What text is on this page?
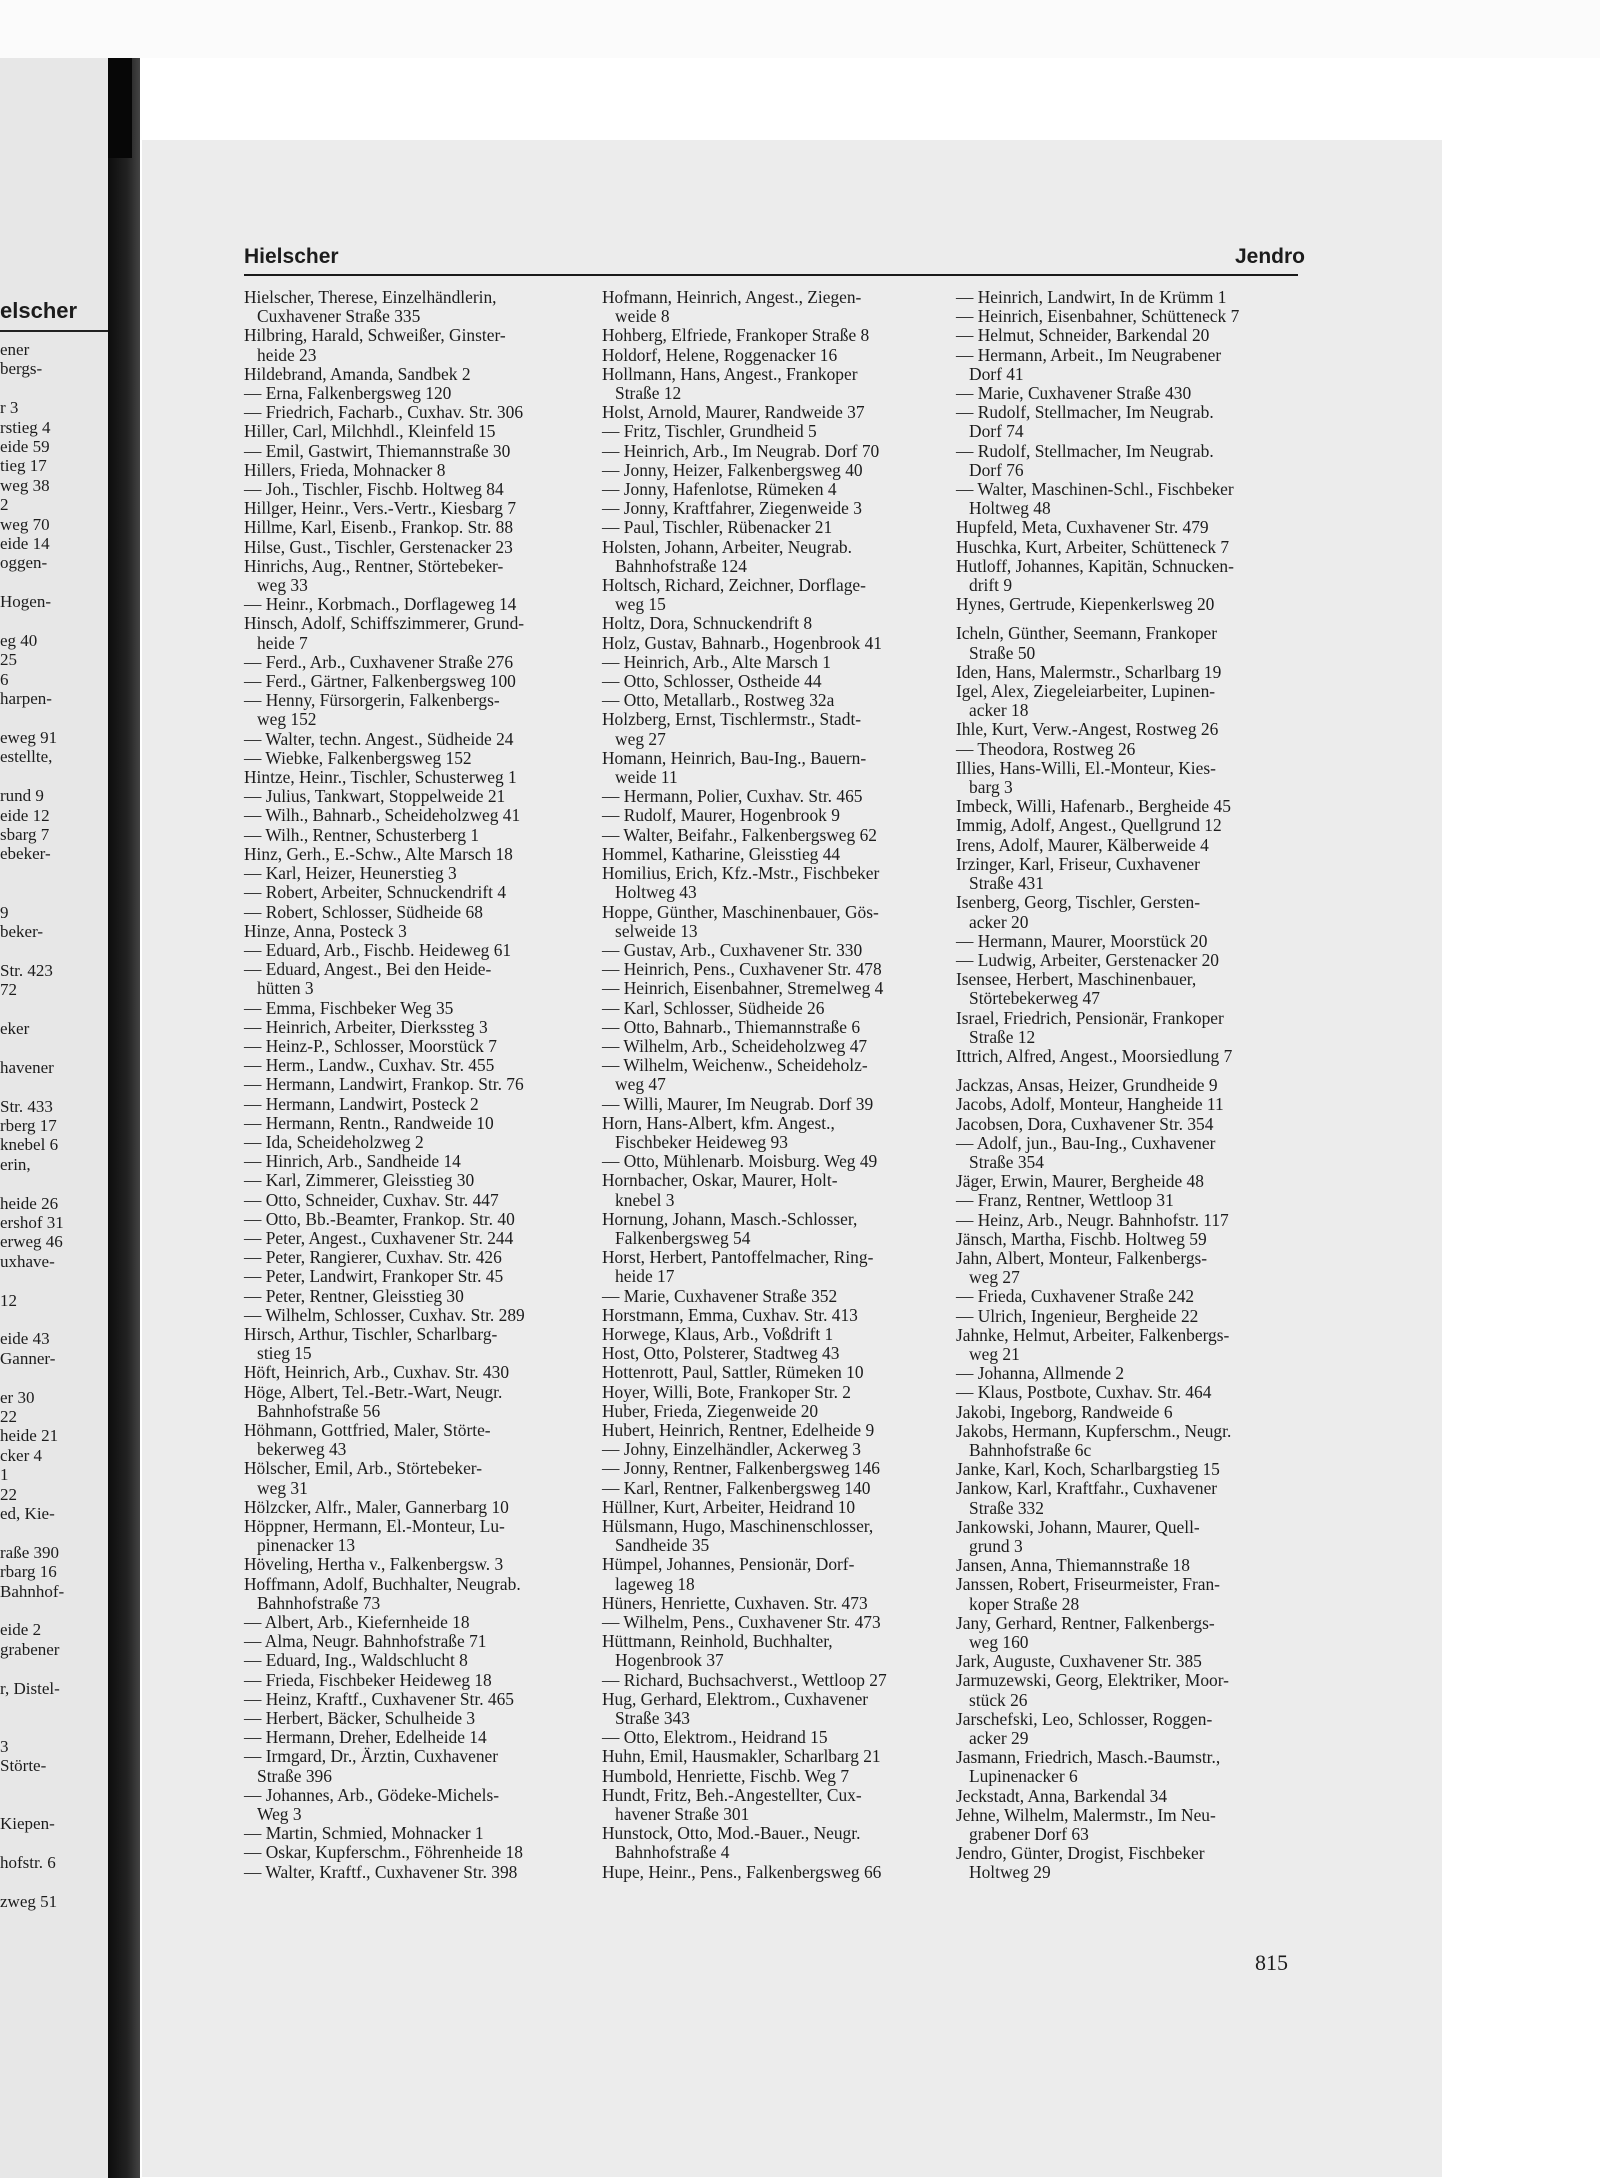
elscher
ener
bergs-
r 3
rstieg 4
eide 59
tieg 17
weg 38
2
weg 70
eide 14
oggen-
Hogen-
eg 40
25
6
harpen-
eweg 91
estellte,
rund 9
eide 12
sbarg 7
ebeker-
9
beker-
Str. 423
72
eker
havener
Str. 433
rberg 17
knebel 6
erin,
heide 26
ershof 31
erweg 46
uxhave-
12
eide 43
Ganner-
er 30
22
heide 21
cker 4
1
22
ed, Kie-
raße 390
rbarg 16
Bahnhof-
eide 2
grabener
r, Distel-
3
Störte-
Kiepen-
hofstr. 6
zweg 51
Hielscher	Jendro

Hielscher, Therese, Einzelhändlerin,

Cuxhavener Straße 335

Hilbring, Harald, Schweißer, Ginster-

heide 23

Hildebrand, Amanda, Sandbek 2

— Erna, Falkenbergsweg 120

— Friedrich, Facharb., Cuxhav. Str. 306

Hiller, Carl, Milchhdl., Kleinfeld 15

— Emil, Gastwirt, Thiemannstraße 30

Hillers, Frieda, Mohnacker 8

— Joh., Tischler, Fischb. Holtweg 84

Hillger, Heinr., Vers.-Vertr., Kiesbarg 7

Hillme, Karl, Eisenb., Frankop. Str. 88

Hilse, Gust., Tischler, Gerstenacker 23

Hinrichs, Aug., Rentner, Störtebeker-

weg 33

— Heinr., Korbmach., Dorflageweg 14

Hinsch, Adolf, Schiffszimmerer, Grund-

heide 7

— Ferd., Arb., Cuxhavener Straße 276

— Ferd., Gärtner, Falkenbergsweg 100

— Henny, Fürsorgerin, Falkenbergs-

weg 152

— Walter, techn. Angest., Südheide 24

— Wiebke, Falkenbergsweg 152

Hintze, Heinr., Tischler, Schusterweg 1

— Julius, Tankwart, Stoppelweide 21

— Wilh., Bahnarb., Scheideholzweg 41

— Wilh., Rentner, Schusterberg 1

Hinz, Gerh., E.-Schw., Alte Marsch 18

— Karl, Heizer, Heunerstieg 3

— Robert, Arbeiter, Schnuckendrift 4

— Robert, Schlosser, Südheide 68

Hinze, Anna, Posteck 3

— Eduard, Arb., Fischb. Heideweg 61

— Eduard, Angest., Bei den Heide-

hütten 3

— Emma, Fischbeker Weg 35

— Heinrich, Arbeiter, Dierkssteg 3

— Heinz-P., Schlosser, Moorstück 7

— Herm., Landw., Cuxhav. Str. 455

— Hermann, Landwirt, Frankop. Str. 76

— Hermann, Landwirt, Posteck 2

— Hermann, Rentn., Randweide 10

— Ida, Scheideholzweg 2

— Hinrich, Arb., Sandheide 14

— Karl, Zimmerer, Gleisstieg 30

— Otto, Schneider, Cuxhav. Str. 447

— Otto, Bb.-Beamter, Frankop. Str. 40

— Peter, Angest., Cuxhavener Str. 244

— Peter, Rangierer, Cuxhav. Str. 426

— Peter, Landwirt, Frankoper Str. 45

— Peter, Rentner, Gleisstieg 30

— Wilhelm, Schlosser, Cuxhav. Str. 289

Hirsch, Arthur, Tischler, Scharlbarg-

stieg 15

Höft, Heinrich, Arb., Cuxhav. Str. 430

Höge, Albert, Tel.-Betr.-Wart, Neugr.

Bahnhofstraße 56

Höhmann, Gottfried, Maler, Störte-

bekerweg 43

Hölscher, Emil, Arb., Störtebeker-

weg 31

Hölzcker, Alfr., Maler, Gannerbarg 10

Höppner, Hermann, El.-Monteur, Lu-

pinenacker 13

Höveling, Hertha v., Falkenbergsw. 3

Hoffmann, Adolf, Buchhalter, Neugrab.

Bahnhofstraße 73

— Albert, Arb., Kiefernheide 18

— Alma, Neugr. Bahnhofstraße 71

— Eduard, Ing., Waldschlucht 8

— Frieda, Fischbeker Heideweg 18

— Heinz, Kraftf., Cuxhavener Str. 465

— Herbert, Bäcker, Schulheide 3

— Hermann, Dreher, Edelheide 14

— Irmgard, Dr., Ärztin, Cuxhavener

Straße 396

— Johannes, Arb., Gödeke-Michels-

Weg 3

— Martin, Schmied, Mohnacker 1

— Oskar, Kupferschm., Föhrenheide 18

— Walter, Kraftf., Cuxhavener Str. 398

Hofmann, Heinrich, Angest., Ziegen-

weide 8

Hohberg, Elfriede, Frankoper Straße 8

Holdorf, Helene, Roggenacker 16

Hollmann, Hans, Angest., Frankoper

Straße 12

Holst, Arnold, Maurer, Randweide 37

— Fritz, Tischler, Grundheid 5

— Heinrich, Arb., Im Neugrab. Dorf 70

— Jonny, Heizer, Falkenbergsweg 40

— Jonny, Hafenlotse, Rümeken 4

— Jonny, Kraftfahrer, Ziegenweide 3

— Paul, Tischler, Rübenacker 21

Holsten, Johann, Arbeiter, Neugrab.

Bahnhofstraße 124

Holtsch, Richard, Zeichner, Dorflage-

weg 15

Holtz, Dora, Schnuckendrift 8

Holz, Gustav, Bahnarb., Hogenbrook 41

— Heinrich, Arb., Alte Marsch 1

— Otto, Schlosser, Ostheide 44

— Otto, Metallarb., Rostweg 32a

Holzberg, Ernst, Tischlermstr., Stadt-

weg 27

Homann, Heinrich, Bau-Ing., Bauern-

weide 11

— Hermann, Polier, Cuxhav. Str. 465

— Rudolf, Maurer, Hogenbrook 9

— Walter, Beifahr., Falkenbergsweg 62

Hommel, Katharine, Gleisstieg 44

Homilius, Erich, Kfz.-Mstr., Fischbeker

Holtweg 43

Hoppe, Günther, Maschinenbauer, Gös-

selweide 13

— Gustav, Arb., Cuxhavener Str. 330

— Heinrich, Pens., Cuxhavener Str. 478

— Heinrich, Eisenbahner, Stremelweg 4

— Karl, Schlosser, Südheide 26

— Otto, Bahnarb., Thiemannstraße 6

— Wilhelm, Arb., Scheideholzweg 47

— Wilhelm, Weichenw., Scheideholz-

weg 47

— Willi, Maurer, Im Neugrab. Dorf 39

Horn, Hans-Albert, kfm. Angest.,

Fischbeker Heideweg 93

— Otto, Mühlenarb. Moisburg. Weg 49

Hornbacher, Oskar, Maurer, Holt-

knebel 3

Hornung, Johann, Masch.-Schlosser,

Falkenbergsweg 54

Horst, Herbert, Pantoffelmacher, Ring-

heide 17

— Marie, Cuxhavener Straße 352

Horstmann, Emma, Cuxhav. Str. 413

Horwege, Klaus, Arb., Voßdrift 1

Host, Otto, Polsterer, Stadtweg 43

Hottenrott, Paul, Sattler, Rümeken 10

Hoyer, Willi, Bote, Frankoper Str. 2

Huber, Frieda, Ziegenweide 20

Hubert, Heinrich, Rentner, Edelheide 9

— Johny, Einzelhändler, Ackerweg 3

— Jonny, Rentner, Falkenbergsweg 146

— Karl, Rentner, Falkenbergsweg 140

Hüllner, Kurt, Arbeiter, Heidrand 10

Hülsmann, Hugo, Maschinenschlosser,

Sandheide 35

Hümpel, Johannes, Pensionär, Dorf-

lageweg 18

Hüners, Henriette, Cuxhaven. Str. 473

— Wilhelm, Pens., Cuxhavener Str. 473

Hüttmann, Reinhold, Buchhalter,

Hogenbrook 37

— Richard, Buchsachverst., Wettloop 27

Hug, Gerhard, Elektrom., Cuxhavener

Straße 343

— Otto, Elektrom., Heidrand 15

Huhn, Emil, Hausmakler, Scharlbarg 21

Humbold, Henriette, Fischb. Weg 7

Hundt, Fritz, Beh.-Angestellter, Cux-

havener Straße 301

Hunstock, Otto, Mod.-Bauer., Neugr.

Bahnhofstraße 4

Hupe, Heinr., Pens., Falkenbergsweg 66

— Heinrich, Landwirt, In de Krümm 1

— Heinrich, Eisenbahner, Schütteneck 7

— Helmut, Schneider, Barkendal 20

— Hermann, Arbeit., Im Neugrabener

Dorf 41

— Marie, Cuxhavener Straße 430

— Rudolf, Stellmacher, Im Neugrab.

Dorf 74

— Rudolf, Stellmacher, Im Neugrab.

Dorf 76

— Walter, Maschinen-Schl., Fischbeker

Holtweg 48

Hupfeld, Meta, Cuxhavener Str. 479

Huschka, Kurt, Arbeiter, Schütteneck 7

Hutloff, Johannes, Kapitän, Schnucken-

drift 9

Hynes, Gertrude, Kiepenkerlsweg 20

Icheln, Günther, Seemann, Frankoper

Straße 50

Iden, Hans, Malermstr., Scharlbarg 19

Igel, Alex, Ziegeleiarbeiter, Lupinen-

acker 18

Ihle, Kurt, Verw.-Angest, Rostweg 26

— Theodora, Rostweg 26

Illies, Hans-Willi, El.-Monteur, Kies-

barg 3

Imbeck, Willi, Hafenarb., Bergheide 45

Immig, Adolf, Angest., Quellgrund 12

Irens, Adolf, Maurer, Kälberweide 4

Irzinger, Karl, Friseur, Cuxhavener

Straße 431

Isenberg, Georg, Tischler, Gersten-

acker 20

— Hermann, Maurer, Moorstück 20

— Ludwig, Arbeiter, Gerstenacker 20

Isensee, Herbert, Maschinenbauer,

Störtebekerweg 47

Israel, Friedrich, Pensionär, Frankoper

Straße 12

Ittrich, Alfred, Angest., Moorsiedlung 7

Jackzas, Ansas, Heizer, Grundheide 9

Jacobs, Adolf, Monteur, Hangheide 11

Jacobsen, Dora, Cuxhavener Str. 354

— Adolf, jun., Bau-Ing., Cuxhavener

Straße 354

Jäger, Erwin, Maurer, Bergheide 48

— Franz, Rentner, Wettloop 31

— Heinz, Arb., Neugr. Bahnhofstr. 117

Jänsch, Martha, Fischb. Holtweg 59

Jahn, Albert, Monteur, Falkenbergs-

weg 27

— Frieda, Cuxhavener Straße 242

— Ulrich, Ingenieur, Bergheide 22

Jahnke, Helmut, Arbeiter, Falkenbergs-

weg 21

— Johanna, Allmende 2

— Klaus, Postbote, Cuxhav. Str. 464

Jakobi, Ingeborg, Randweide 6

Jakobs, Hermann, Kupferschm., Neugr.

Bahnhofstraße 6c

Janke, Karl, Koch, Scharlbargstieg 15

Jankow, Karl, Kraftfahr., Cuxhavener

Straße 332

Jankowski, Johann, Maurer, Quell-

grund 3

Jansen, Anna, Thiemannstraße 18

Janssen, Robert, Friseurmeister, Fran-

koper Straße 28

Jany, Gerhard, Rentner, Falkenbergs-

weg 160

Jark, Auguste, Cuxhavener Str. 385

Jarmuzewski, Georg, Elektriker, Moor-

stück 26

Jarschefski, Leo, Schlosser, Roggen-

acker 29

Jasmann, Friedrich, Masch.-Baumstr.,

Lupinenacker 6

Jeckstadt, Anna, Barkendal 34

Jehne, Wilhelm, Malermstr., Im Neu-

grabener Dorf 63

Jendro, Günter, Drogist, Fischbeker

Holtweg 29

815
